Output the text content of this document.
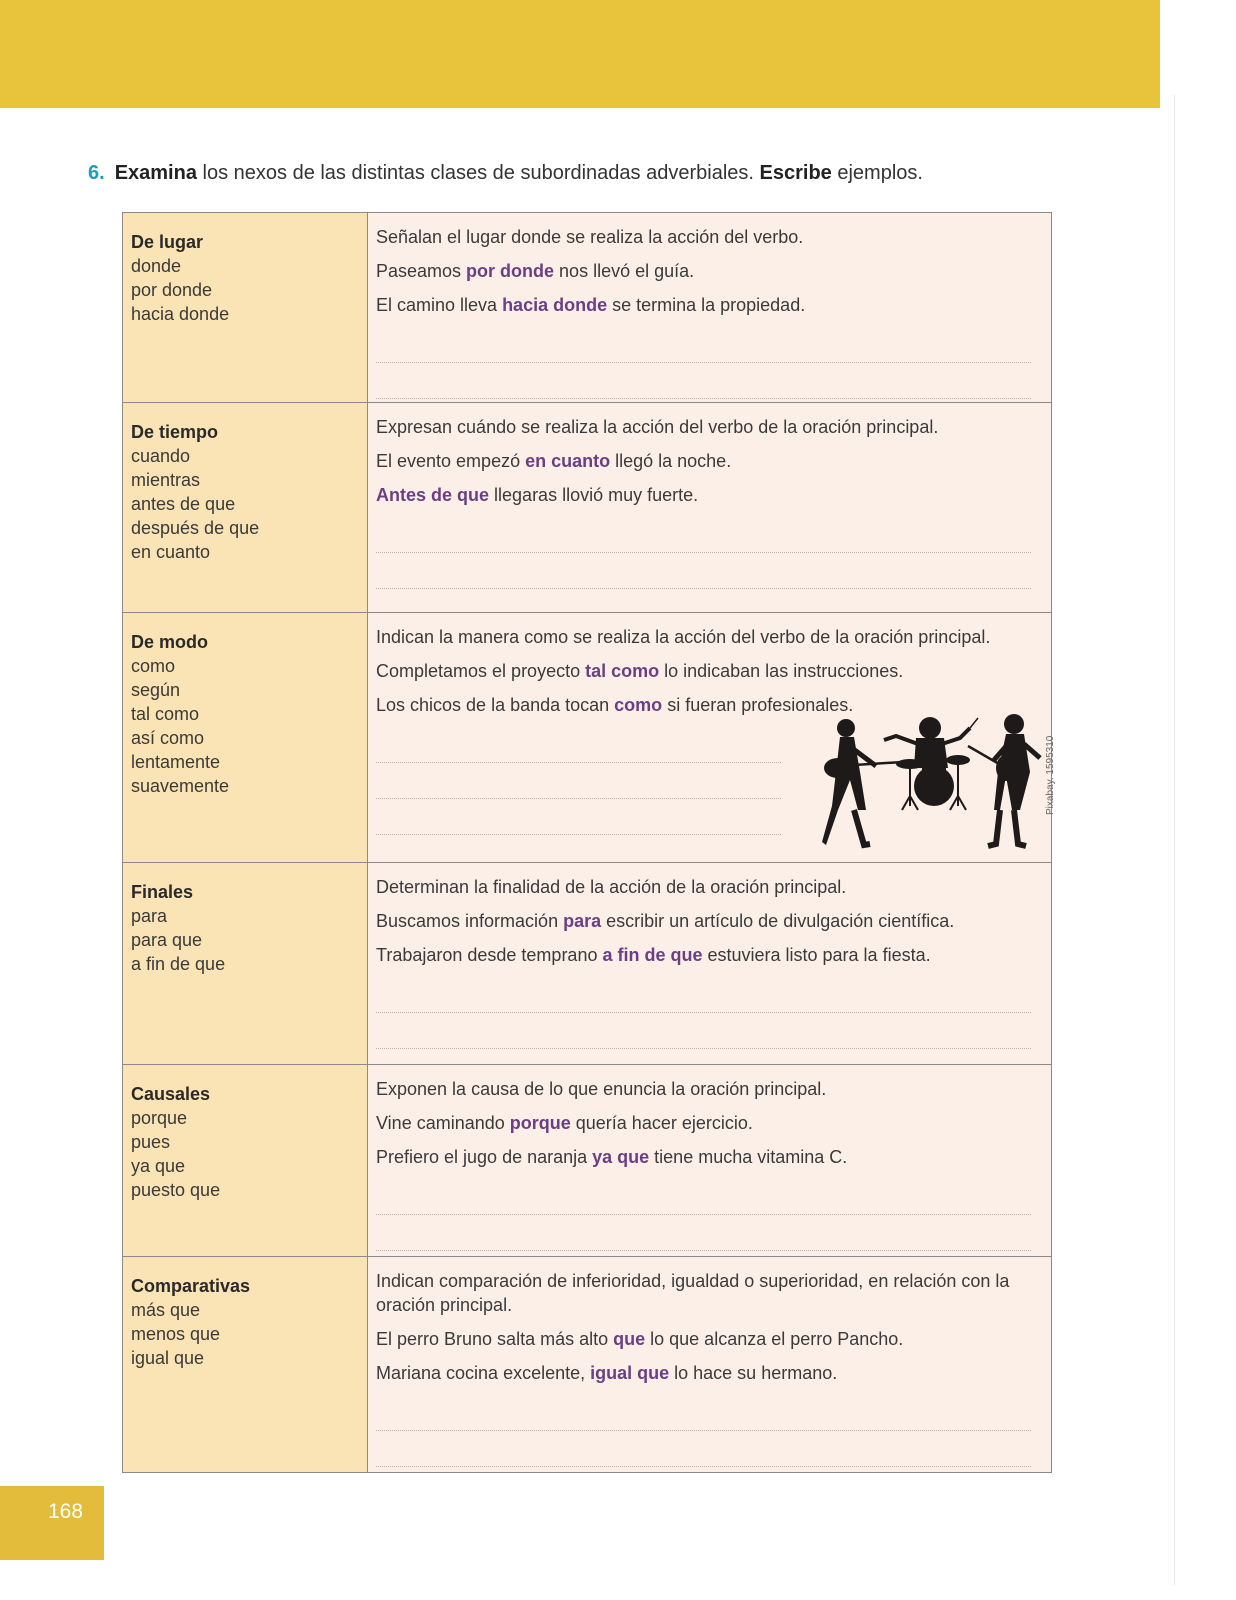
6. Examina los nexos de las distintas clases de subordinadas adverbiales. Escribe ejemplos.
De lugar
donde
por donde
hacia donde

Señalan el lugar donde se realiza la acción del verbo.

Paseamos por donde nos llevó el guía.

El camino lleva hacia donde se termina la propiedad.

De tiempo
cuando
mientras
antes de que
después de que
en cuanto

Expresan cuándo se realiza la acción del verbo de la oración principal.

El evento empezó en cuanto llegó la noche.

Antes de que llegaras llovió muy fuerte.

De modo
como
según
tal como
así como
lentamente
suavemente

Indican la manera como se realiza la acción del verbo de la oración principal.

Completamos el proyecto tal como lo indicaban las instrucciones.

Los chicos de la banda tocan como si fueran profesionales.

Finales
para
para que
a fin de que

Determinan la finalidad de la acción de la oración principal.

Buscamos información para escribir un artículo de divulgación científica.

Trabajaron desde temprano a fin de que estuviera listo para la fiesta.

Causales
porque
pues
ya que
puesto que

Exponen la causa de lo que enuncia la oración principal.

Vine caminando porque quería hacer ejercicio.

Prefiero el jugo de naranja ya que tiene mucha vitamina C.

Comparativas
más que
menos que
igual que

Indican comparación de inferioridad, igualdad o superioridad, en relación con la oración principal.

El perro Bruno salta más alto que lo que alcanza el perro Pancho.

Mariana cocina excelente, igual que lo hace su hermano.

Pixabay. 1595310
168
